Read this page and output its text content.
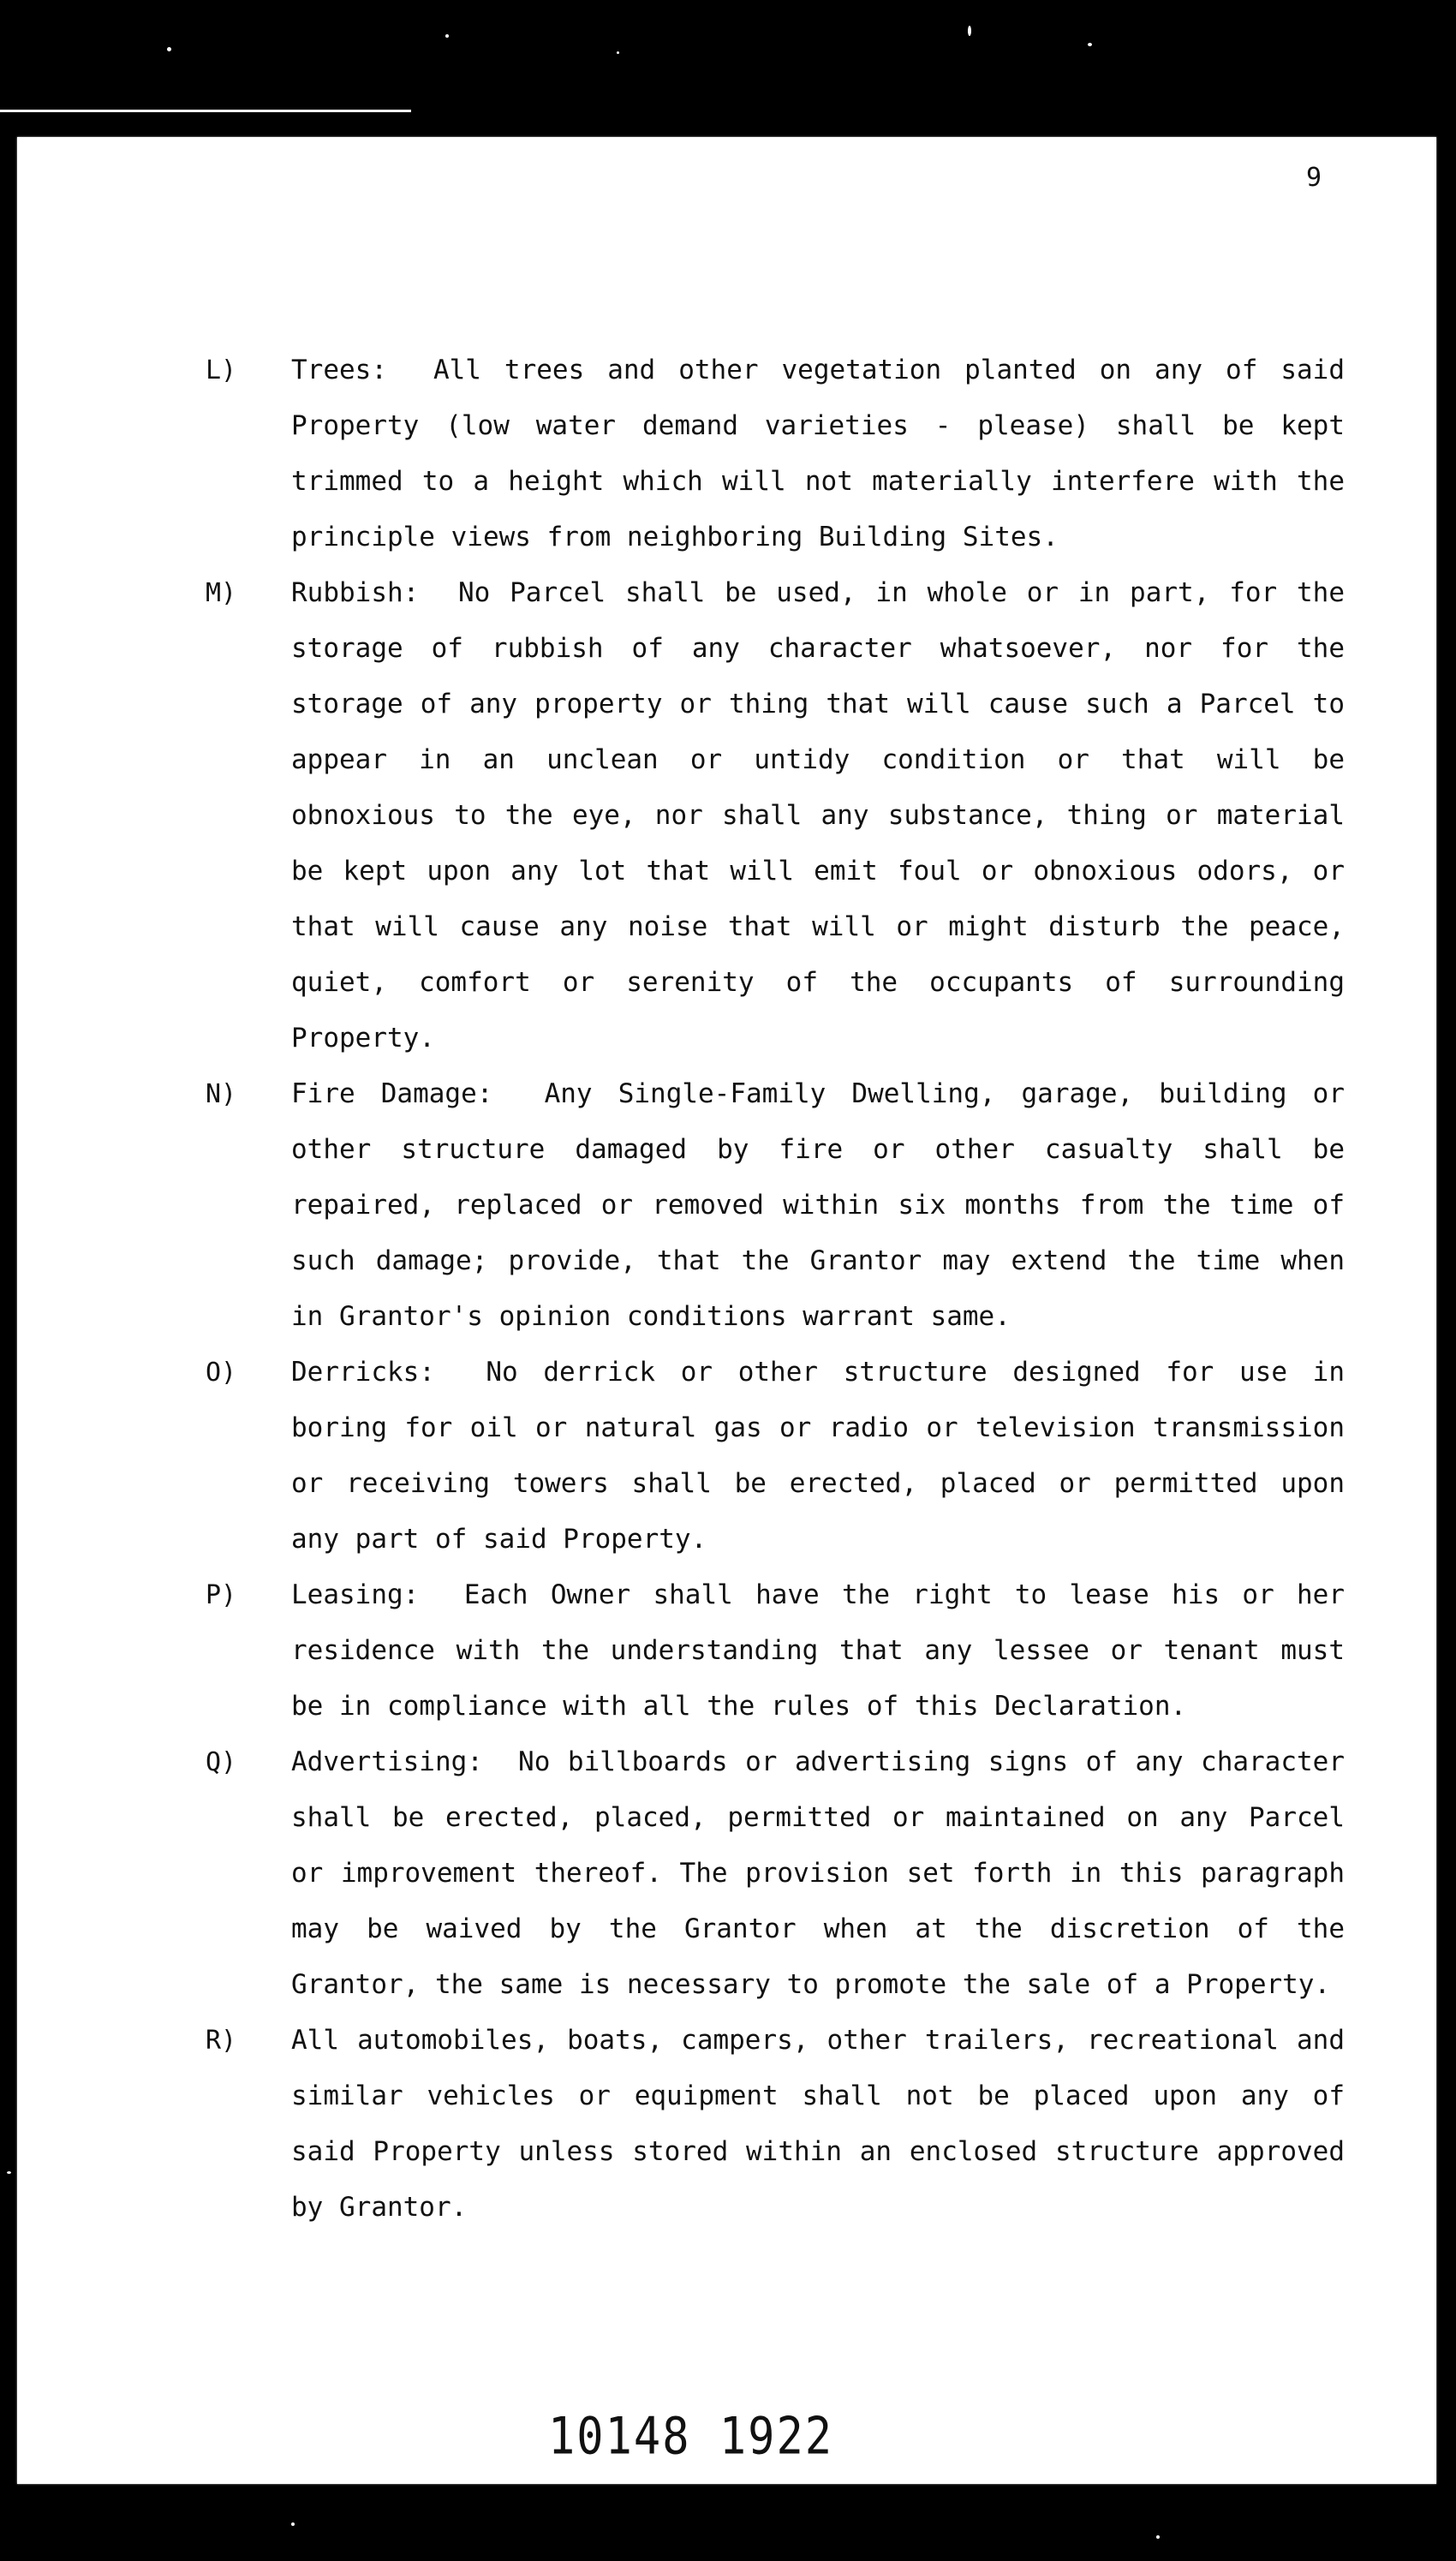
9
L)	Trees: All trees and other vegetation planted on any of said Property (low water demand varieties - please) shall be kept trimmed to a height which will not materially interfere with the principle views from neighboring Building Sites.
M)	Rubbish: No Parcel shall be used, in whole or in part, for the storage of rubbish of any character whatsoever, nor for the storage of any property or thing that will cause such a Parcel to appear in an unclean or untidy condition or that will be obnoxious to the eye, nor shall any substance, thing or material be kept upon any lot that will emit foul or obnoxious odors, or that will cause any noise that will or might disturb the peace, quiet, comfort or serenity of the occupants of surrounding Property.
N)	Fire Damage: Any Single-Family Dwelling, garage, building or other structure damaged by fire or other casualty shall be repaired, replaced or removed within six months from the time of such damage; provide, that the Grantor may extend the time when in Grantor's opinion conditions warrant same.
O)	Derricks: No derrick or other structure designed for use in boring for oil or natural gas or radio or television transmission or receiving towers shall be erected, placed or permitted upon any part of said Property.
P)	Leasing: Each Owner shall have the right to lease his or her residence with the understanding that any lessee or tenant must be in compliance with all the rules of this Declaration.
Q)	Advertising: No billboards or advertising signs of any character shall be erected, placed, permitted or maintained on any Parcel or improvement thereof. The provision set forth in this paragraph may be waived by the Grantor when at the discretion of the Grantor, the same is necessary to promote the sale of a Property.
R)	All automobiles, boats, campers, other trailers, recreational and similar vehicles or equipment shall not be placed upon any of said Property unless stored within an enclosed structure approved by Grantor.
10148 1922
